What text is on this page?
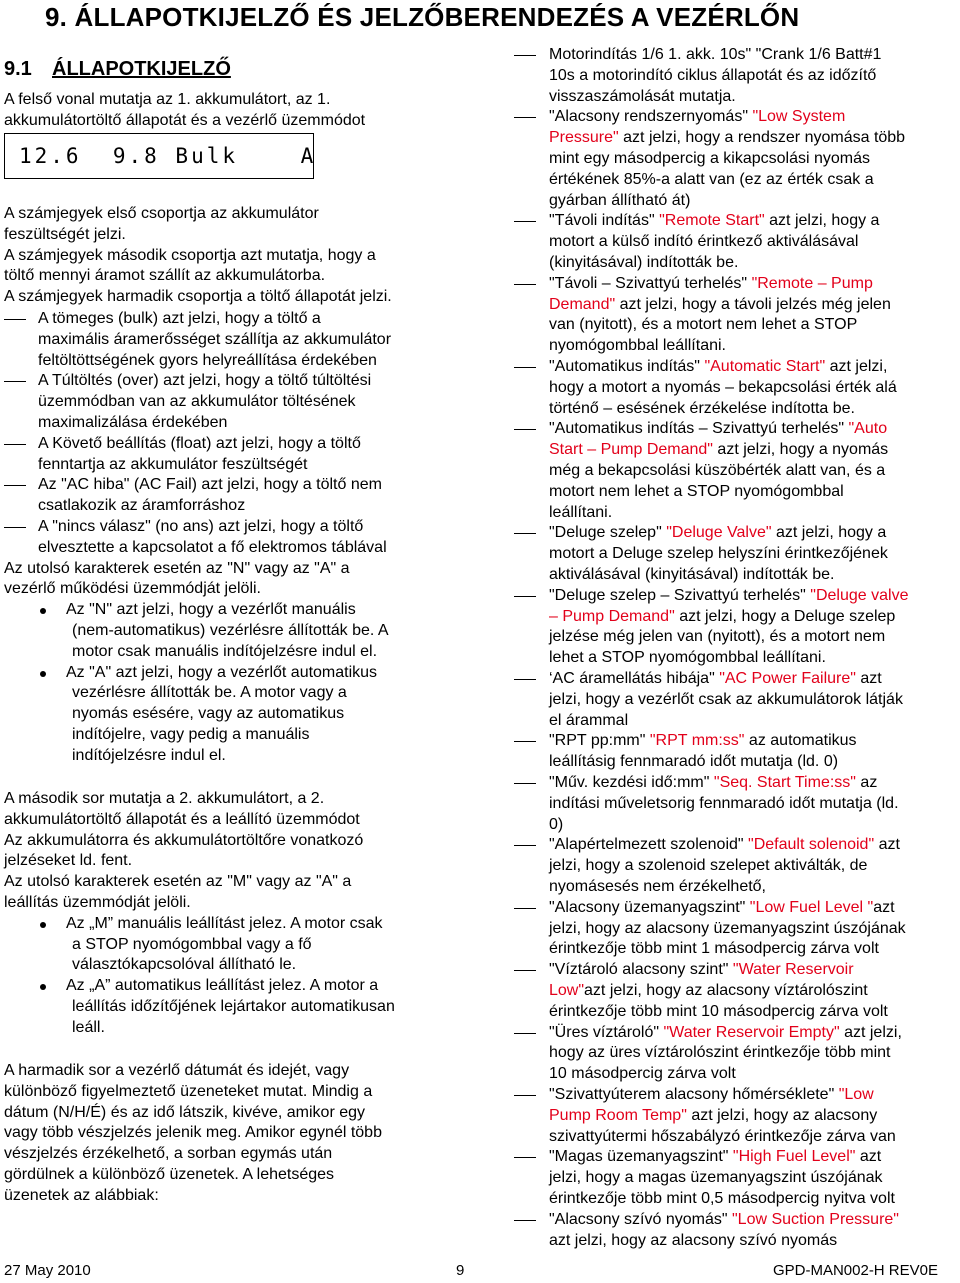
9. ÁLLAPOTKIJELZŐ ÉS JELZŐBERENDEZÉS A VEZÉRLŐN
9.1 ÁLLAPOTKIJELZŐ
12.6  9.8 Bulk    A
A felső vonal mutatja az 1. akkumulátort, az 1.
akkumulátortöltő állapotát és a vezérlő üzemmódot
A számjegyek első csoportja az akkumulátor
feszültségét jelzi.
A számjegyek második csoportja azt mutatja, hogy a
töltő mennyi áramot szállít az akkumulátorba.
A számjegyek harmadik csoportja a töltő állapotát jelzi.
A tömeges (bulk) azt jelzi, hogy a töltő a
maximális áramerősséget szállítja az akkumulátor
feltöltöttségének gyors helyreállítása érdekében
A Túltöltés (over) azt jelzi, hogy a töltő túltöltési
üzemmódban van az akkumulátor töltésének
maximalizálása érdekében
A Követő beállítás (float) azt jelzi, hogy a töltő
fenntartja az akkumulátor feszültségét
Az "AC hiba" (AC Fail) azt jelzi, hogy a töltő nem
csatlakozik az áramforráshoz
A "nincs válasz" (no ans) azt jelzi, hogy a töltő
elvesztette a kapcsolatot a fő elektromos táblával
Az utolsó karakterek esetén az "N" vagy az "A" a
vezérlő működési üzemmódját jelöli.
Az "N" azt jelzi, hogy a vezérlőt manuális
(nem-automatikus) vezérlésre állították be. A
motor csak manuális indítójelzésre indul el.
Az "A" azt jelzi, hogy a vezérlőt automatikus
vezérlésre állították be. A motor vagy a
nyomás esésére, vagy az automatikus
indítójelre, vagy pedig a manuális
indítójelzésre indul el.
A második sor mutatja a 2. akkumulátort, a 2.
akkumulátortöltő állapotát és a leállító üzemmódot
Az akkumulátorra és akkumulátortöltőre vonatkozó
jelzéseket ld. fent.
Az utolsó karakterek esetén az "M" vagy az "A" a
leállítás üzemmódját jelöli.
Az „M” manuális leállítást jelez. A motor csak
a STOP nyomógombbal vagy a fő
választókapcsolóval állítható le.
Az „A” automatikus leállítást jelez. A motor a
leállítás időzítőjének lejártakor automatikusan
leáll.
A harmadik sor a vezérlő dátumát és idejét, vagy
különböző figyelmeztető üzeneteket mutat. Mindig a
dátum (N/H/É) és az idő látszik, kivéve, amikor egy
vagy több vészjelzés jelenik meg. Amikor egynél több
vészjelzés érzékelhető, a sorban egymás után
gördülnek a különböző üzenetek. A lehetséges
üzenetek az alábbiak:
Motorindítás 1/6 1. akk. 10s" "Crank 1/6 Batt#1
10s a motorindító ciklus állapotát és az időzítő
visszaszámolását mutatja.
"Alacsony rendszernyomás" "Low System
Pressure" azt jelzi, hogy a rendszer nyomása több
mint egy másodpercig a kikapcsolási nyomás
értékének 85%-a alatt van (ez az érték csak a
gyárban állítható át)
"Távoli indítás" "Remote Start" azt jelzi, hogy a
motort a külső indító érintkező aktiválásával
(kinyitásával) indították be.
"Távoli – Szivattyú terhelés" "Remote – Pump
Demand" azt jelzi, hogy a távoli jelzés még jelen
van (nyitott), és a motort nem lehet a STOP
nyomógombbal leállítani.
"Automatikus indítás" "Automatic Start" azt jelzi,
hogy a motort a nyomás – bekapcsolási érték alá
történő – esésének érzékelése indította be.
"Automatikus indítás – Szivattyú terhelés" "Auto
Start – Pump Demand" azt jelzi, hogy a nyomás
még a bekapcsolási küszöbérték alatt van, és a
motort nem lehet a STOP nyomógombbal
leállítani.
"Deluge szelep" "Deluge Valve" azt jelzi, hogy a
motort a Deluge szelep helyszíni érintkezőjének
aktiválásával (kinyitásával) indították be.
"Deluge szelep – Szivattyú terhelés" "Deluge valve
– Pump Demand" azt jelzi, hogy a Deluge szelep
jelzése még jelen van (nyitott), és a motort nem
lehet a STOP nyomógombbal leállítani.
‘AC áramellátás hibája" "AC Power Failure" azt
jelzi, hogy a vezérlőt csak az akkumulátorok látják
el árammal
"RPT pp:mm" "RPT mm:ss" az automatikus
leállításig fennmaradó időt mutatja (ld. 0)
"Műv. kezdési idő:mm" "Seq. Start Time:ss" az
indítási műveletsorig fennmaradó időt mutatja (ld.
0)
"Alapértelmezett szolenoid" "Default solenoid" azt
jelzi, hogy a szolenoid szelepet aktiválták, de
nyomásesés nem érzékelhető,
"Alacsony üzemanyagszint" "Low Fuel Level "azt
jelzi, hogy az alacsony üzemanyagszint úszójának
érintkezője több mint 1 másodpercig zárva volt
"Víztároló alacsony szint" "Water Reservoir
Low"azt jelzi, hogy az alacsony víztárolószint
érintkezője több mint 10 másodpercig zárva volt
"Üres víztároló" "Water Reservoir Empty" azt jelzi,
hogy az üres víztárolószint érintkezője több mint
10 másodpercig zárva volt
"Szivattyúterem alacsony hőmérséklete" "Low
Pump Room Temp" azt jelzi, hogy az alacsony
szivattyútermi hőszabályzó érintkezője zárva van
"Magas üzemanyagszint" "High Fuel Level" azt
jelzi, hogy a magas üzemanyagszint úszójának
érintkezője több mint 0,5 másodpercig nyitva volt
"Alacsony szívó nyomás" "Low Suction Pressure"
azt jelzi, hogy az alacsony szívó nyomás
27 May 2010	9	GPD-MAN002-H REV0E
